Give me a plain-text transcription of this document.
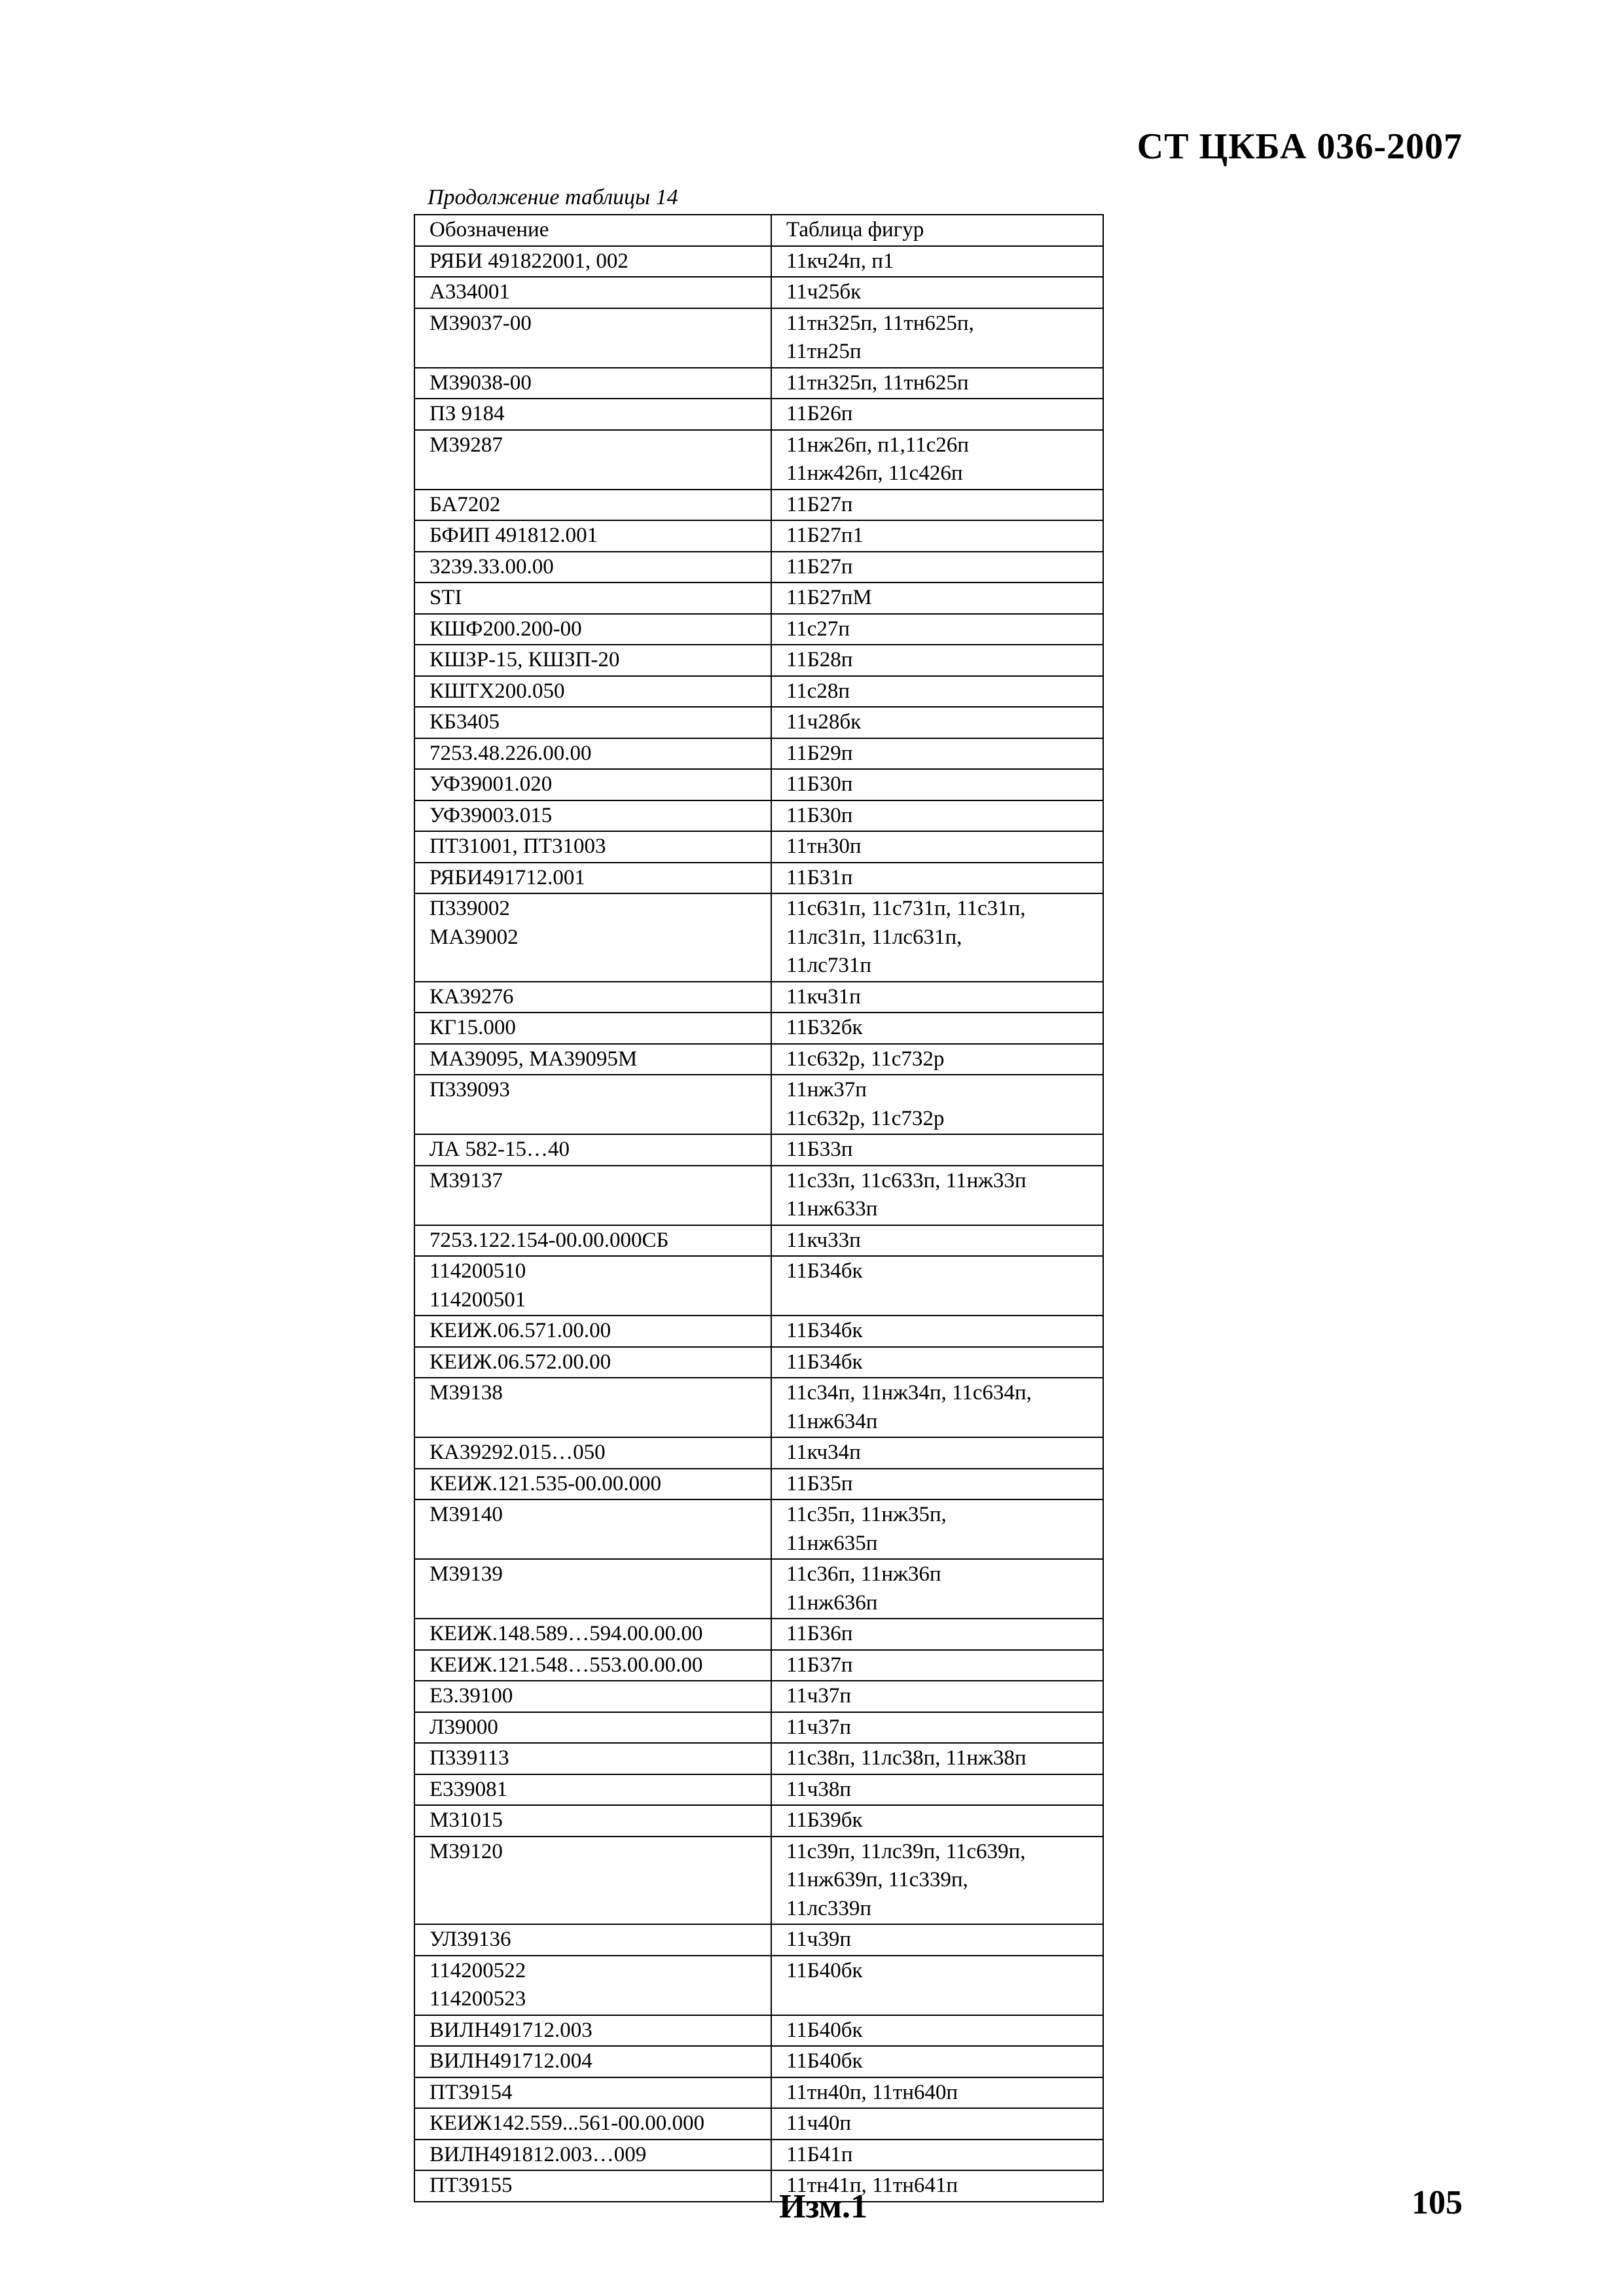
СТ ЦКБА 036-2007
Продолжение таблицы 14
Обозначение	Таблица фигур
РЯБИ 491822001, 002	11кч24п, п1
А334001	11ч25бк
М39037-00	11тн325п, 11тн625п,
11тн25п
М39038-00	11тн325п, 11тн625п
ПЗ 9184	11Б26п
М39287	11нж26п, п1,11с26п
11нж426п, 11с426п
БА7202	11Б27п
БФИП 491812.001	11Б27п1
3239.33.00.00	11Б27п
STI	11Б27пМ
КШФ200.200-00	11с27п
КШЗР-15, КШЗП-20	11Б28п
КШТХ200.050	11с28п
КБ3405	11ч28бк
7253.48.226.00.00	11Б29п
УФ39001.020	11Б30п
УФ39003.015	11Б30п
ПТ31001, ПТ31003	11тн30п
РЯБИ491712.001	11Б31п
П339002
МА39002	11с631п, 11с731п, 11с31п,
11лс31п, 11лс631п,
11лс731п
КА39276	11кч31п
КГ15.000	11Б32бк
МА39095, МА39095М	11с632р, 11с732р
П339093	11нж37п
11с632р, 11с732р
ЛА 582-15…40	11Б33п
М39137	11с33п, 11с633п, 11нж33п
11нж633п
7253.122.154-00.00.000СБ	11кч33п
114200510
114200501	11Б34бк
КЕИЖ.06.571.00.00	11Б34бк
КЕИЖ.06.572.00.00	11Б34бк
М39138	11с34п, 11нж34п, 11с634п,
11нж634п
КА39292.015…050	11кч34п
КЕИЖ.121.535-00.00.000	11Б35п
М39140	11с35п, 11нж35п,
11нж635п
М39139	11с36п, 11нж36п
11нж636п
КЕИЖ.148.589…594.00.00.00	11Б36п
КЕИЖ.121.548…553.00.00.00	11Б37п
Е3.39100	11ч37п
Л39000	11ч37п
П339113	11с38п, 11лс38п, 11нж38п
Е339081	11ч38п
М31015	11Б39бк
М39120	11с39п, 11лс39п, 11с639п,
11нж639п, 11с339п,
11лс339п
УЛ39136	11ч39п
114200522
114200523	11Б40бк
ВИЛН491712.003	11Б40бк
ВИЛН491712.004	11Б40бк
ПТ39154	11тн40п, 11тн640п
КЕИЖ142.559...561-00.00.000	11ч40п
ВИЛН491812.003…009	11Б41п
ПТ39155	11тн41п, 11тн641п
Изм.1	105
